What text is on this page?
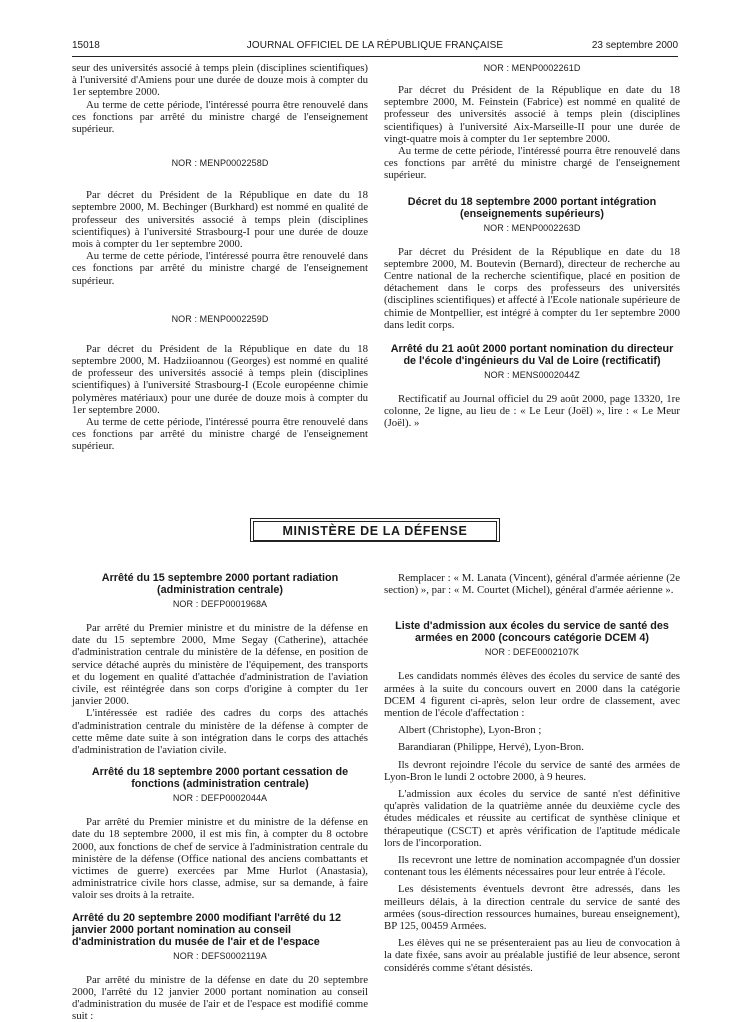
15018	JOURNAL OFFICIEL DE LA RÉPUBLIQUE FRANÇAISE	23 septembre 2000

seur des universités associé à temps plein (disciplines scientifiques) à l'université d'Amiens pour une durée de douze mois à compter du 1er septembre 2000.

Au terme de cette période, l'intéressé pourra être renouvelé dans ces fonctions par arrêté du ministre chargé de l'enseignement supérieur.

NOR : MENP0002258D

Par décret du Président de la République en date du 18 septembre 2000, M. Bechinger (Burkhard) est nommé en qualité de professeur des universités associé à temps plein (disciplines scientifiques) à l'université Strasbourg-I pour une durée de douze mois à compter du 1er septembre 2000.

Au terme de cette période, l'intéressé pourra être renouvelé dans ces fonctions par arrêté du ministre chargé de l'enseignement supérieur.

NOR : MENP0002259D

Par décret du Président de la République en date du 18 septembre 2000, M. Hadziioannou (Georges) est nommé en qualité de professeur des universités associé à temps plein (disciplines scientifiques) à l'université Strasbourg-I (Ecole européenne chimie polymères matériaux) pour une durée de douze mois à compter du 1er septembre 2000.

Au terme de cette période, l'intéressé pourra être renouvelé dans ces fonctions par arrêté du ministre chargé de l'enseignement supérieur.

NOR : MENP0002261D

Par décret du Président de la République en date du 18 septembre 2000, M. Feinstein (Fabrice) est nommé en qualité de professeur des universités associé à temps plein (disciplines scientifiques) à l'université Aix-Marseille-II pour une durée de vingt-quatre mois à compter du 1er septembre 2000.

Au terme de cette période, l'intéressé pourra être renouvelé dans ces fonctions par arrêté du ministre chargé de l'enseignement supérieur.

Décret du 18 septembre 2000 portant intégration (enseignements supérieurs)
NOR : MENP0002263D

Par décret du Président de la République en date du 18 septembre 2000, M. Boutevin (Bernard), directeur de recherche au Centre national de la recherche scientifique, placé en position de détachement dans le corps des professeurs des universités (disciplines scientifiques) et affecté à l'Ecole nationale supérieure de chimie de Montpellier, est intégré à compter du 1er septembre 2000 dans ledit corps.

Arrêté du 21 août 2000 portant nomination du directeur de l'école d'ingénieurs du Val de Loire (rectificatif)
NOR : MENS0002044Z

Rectificatif au Journal officiel du 29 août 2000, page 13320, 1re colonne, 2e ligne, au lieu de : « Le Leur (Joël) », lire : « Le Meur (Joël). »

MINISTÈRE DE LA DÉFENSE
Arrêté du 15 septembre 2000 portant radiation (administration centrale)
NOR : DEFP0001968A

Par arrêté du Premier ministre et du ministre de la défense en date du 15 septembre 2000, Mme Segay (Catherine), attachée d'administration centrale du ministère de la défense, en position de service détaché auprès du ministère de l'équipement, des transports et du logement en qualité d'attachée d'administration de l'aviation civile, est réintégrée dans son corps d'origine à compter du 1er janvier 2000.

L'intéressée est radiée des cadres du corps des attachés d'administration centrale du ministère de la défense à compter de cette même date suite à son intégration dans le corps des attachés d'administration de l'aviation civile.

Arrêté du 18 septembre 2000 portant cessation de fonctions (administration centrale)
NOR : DEFP0002044A

Par arrêté du Premier ministre et du ministre de la défense en date du 18 septembre 2000, il est mis fin, à compter du 8 octobre 2000, aux fonctions de chef de service à l'administration centrale du ministère de la défense (Office national des anciens combattants et victimes de guerre) exercées par Mme Hurlot (Anastasia), administratrice civile hors classe, admise, sur sa demande, à faire valoir ses droits à la retraite.

Arrêté du 20 septembre 2000 modifiant l'arrêté du 12 janvier 2000 portant nomination au conseil d'administration du musée de l'air et de l'espace
NOR : DEFS0002119A

Par arrêté du ministre de la défense en date du 20 septembre 2000, l'arrêté du 12 janvier 2000 portant nomination au conseil d'administration du musée de l'air et de l'espace est modifié comme suit :

Remplacer : « M. Lanata (Vincent), général d'armée aérienne (2e section) », par : « M. Courtet (Michel), général d'armée aérienne ».

Liste d'admission aux écoles du service de santé des armées en 2000 (concours catégorie DCEM 4)
NOR : DEFE0002107K

Les candidats nommés élèves des écoles du service de santé des armées à la suite du concours ouvert en 2000 dans la catégorie DCEM 4 figurent ci-après, selon leur ordre de classement, avec mention de l'école d'affectation :

Albert (Christophe), Lyon-Bron ;

Barandiaran (Philippe, Hervé), Lyon-Bron.

Ils devront rejoindre l'école du service de santé des armées de Lyon-Bron le lundi 2 octobre 2000, à 9 heures.

L'admission aux écoles du service de santé n'est définitive qu'après validation de la quatrième année du deuxième cycle des études médicales et réussite au certificat de synthèse clinique et thérapeutique (CSCT) et après vérification de l'aptitude médicale lors de l'incorporation.

Ils recevront une lettre de nomination accompagnée d'un dossier contenant tous les éléments nécessaires pour leur entrée à l'école.

Les désistements éventuels devront être adressés, dans les meilleurs délais, à la direction centrale du service de santé des armées (sous-direction ressources humaines, bureau enseignement), BP 125, 00459 Armées.

Les élèves qui ne se présenteraient pas au lieu de convocation à la date fixée, sans avoir au préalable justifié de leur absence, seront considérés comme s'étant désistés.
